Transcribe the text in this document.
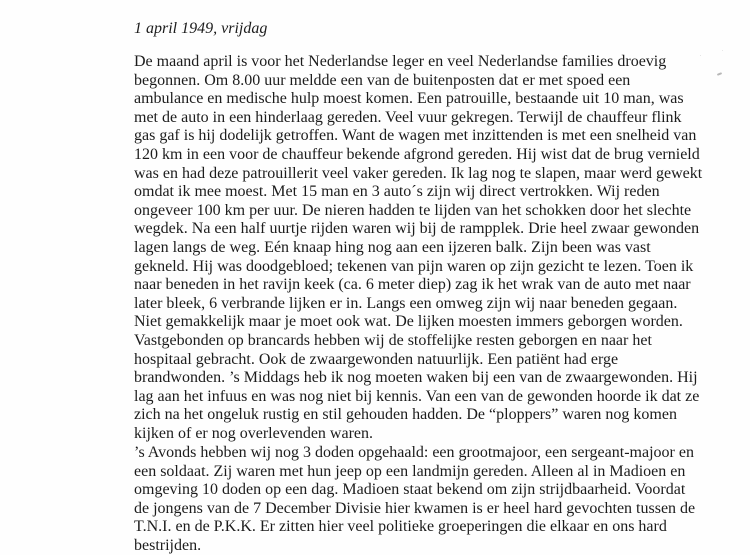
1 april 1949, vrijdag
De maand april is voor het Nederlandse leger en veel Nederlandse families droevig
begonnen. Om 8.00 uur meldde een van de buitenposten dat er met spoed een
ambulance en medische hulp moest komen. Een patrouille, bestaande uit 10 man, was
met de auto in een hinderlaag gereden. Veel vuur gekregen. Terwijl de chauffeur flink
gas gaf is hij dodelijk getroffen. Want de wagen met inzittenden is met een snelheid van
120 km in een voor de chauffeur bekende afgrond gereden. Hij wist dat de brug vernield
was en had deze patrouillerit veel vaker gereden. Ik lag nog te slapen, maar werd gewekt
omdat ik mee moest. Met 15 man en 3 auto´s zijn wij direct vertrokken. Wij reden
ongeveer 100 km per uur. De nieren hadden te lijden van het schokken door het slechte
wegdek. Na een half uurtje rijden waren wij bij de rampplek. Drie heel zwaar gewonden
lagen langs de weg. Eén knaap hing nog aan een ijzeren balk. Zijn been was vast
gekneld. Hij was doodgebloed; tekenen van pijn waren op zijn gezicht te lezen. Toen ik
naar beneden in het ravijn keek (ca. 6 meter diep) zag ik het wrak van de auto met naar
later bleek, 6 verbrande lijken er in. Langs een omweg zijn wij naar beneden gegaan.
Niet gemakkelijk maar je moet ook wat. De lijken moesten immers geborgen worden.
Vastgebonden op brancards hebben wij de stoffelijke resten geborgen en naar het
hospitaal gebracht. Ook de zwaargewonden natuurlijk. Een patiënt had erge
brandwonden. ’s Middags heb ik nog moeten waken bij een van de zwaargewonden. Hij
lag aan het infuus en was nog niet bij kennis. Van een van de gewonden hoorde ik dat ze
zich na het ongeluk rustig en stil gehouden hadden. De “ploppers” waren nog komen
kijken of er nog overlevenden waren.
’s Avonds hebben wij nog 3 doden opgehaald: een grootmajoor, een sergeant-majoor en
een soldaat. Zij waren met hun jeep op een landmijn gereden. Alleen al in Madioen en
omgeving 10 doden op een dag. Madioen staat bekend om zijn strijdbaarheid. Voordat
de jongens van de 7 December Divisie hier kwamen is er heel hard gevochten tussen de
T.N.I. en de P.K.K. Er zitten hier veel politieke groeperingen die elkaar en ons hard
bestrijden.
